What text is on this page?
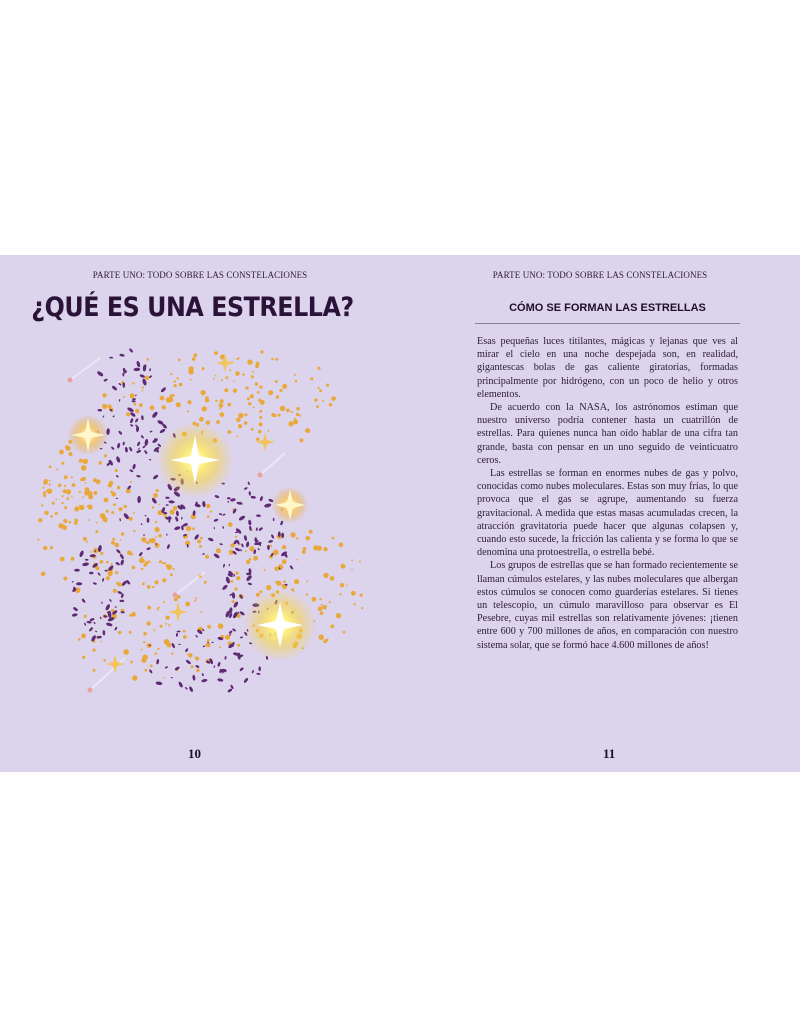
PARTE UNO: TODO SOBRE LAS CONSTELACIONES
¿QUÉ ES UNA ESTRELLA?
10
PARTE UNO: TODO SOBRE LAS CONSTELACIONES
CÓMO SE FORMAN LAS ESTRELLAS

Esas pequeñas luces titilantes, mágicas y lejanas que ves al mirar el cielo en una noche despejada son, en realidad, gigantescas bolas de gas caliente giratorias, formadas principalmente por hidrógeno, con un poco de helio y otros elementos.

De acuerdo con la NASA, los astrónomos estiman que nuestro universo podría contener hasta un cuatrillón de estrellas. Para quienes nunca han oído hablar de una cifra tan grande, basta con pensar en un uno seguido de veinticuatro ceros.

Las estrellas se forman en enormes nubes de gas y polvo, conocidas como nubes moleculares. Estas son muy frías, lo que provoca que el gas se agrupe, aumentando su fuerza gravitacional. A medida que estas masas acumuladas crecen, la atracción gravitatoria puede hacer que algunas colapsen y, cuando esto sucede, la fricción las calienta y se forma lo que se denomina una protoestrella, o estrella bebé.

Los grupos de estrellas que se han formado recientemente se llaman cúmulos estelares, y las nubes moleculares que albergan estos cúmulos se conocen como guarderías estelares. Si tienes un telescopio, un cúmulo maravilloso para observar es El Pesebre, cuyas mil estrellas son relativamente jóvenes: ¡tienen entre 600 y 700 millones de años, en comparación con nuestro sistema solar, que se formó hace 4.600 millones de años!

11
